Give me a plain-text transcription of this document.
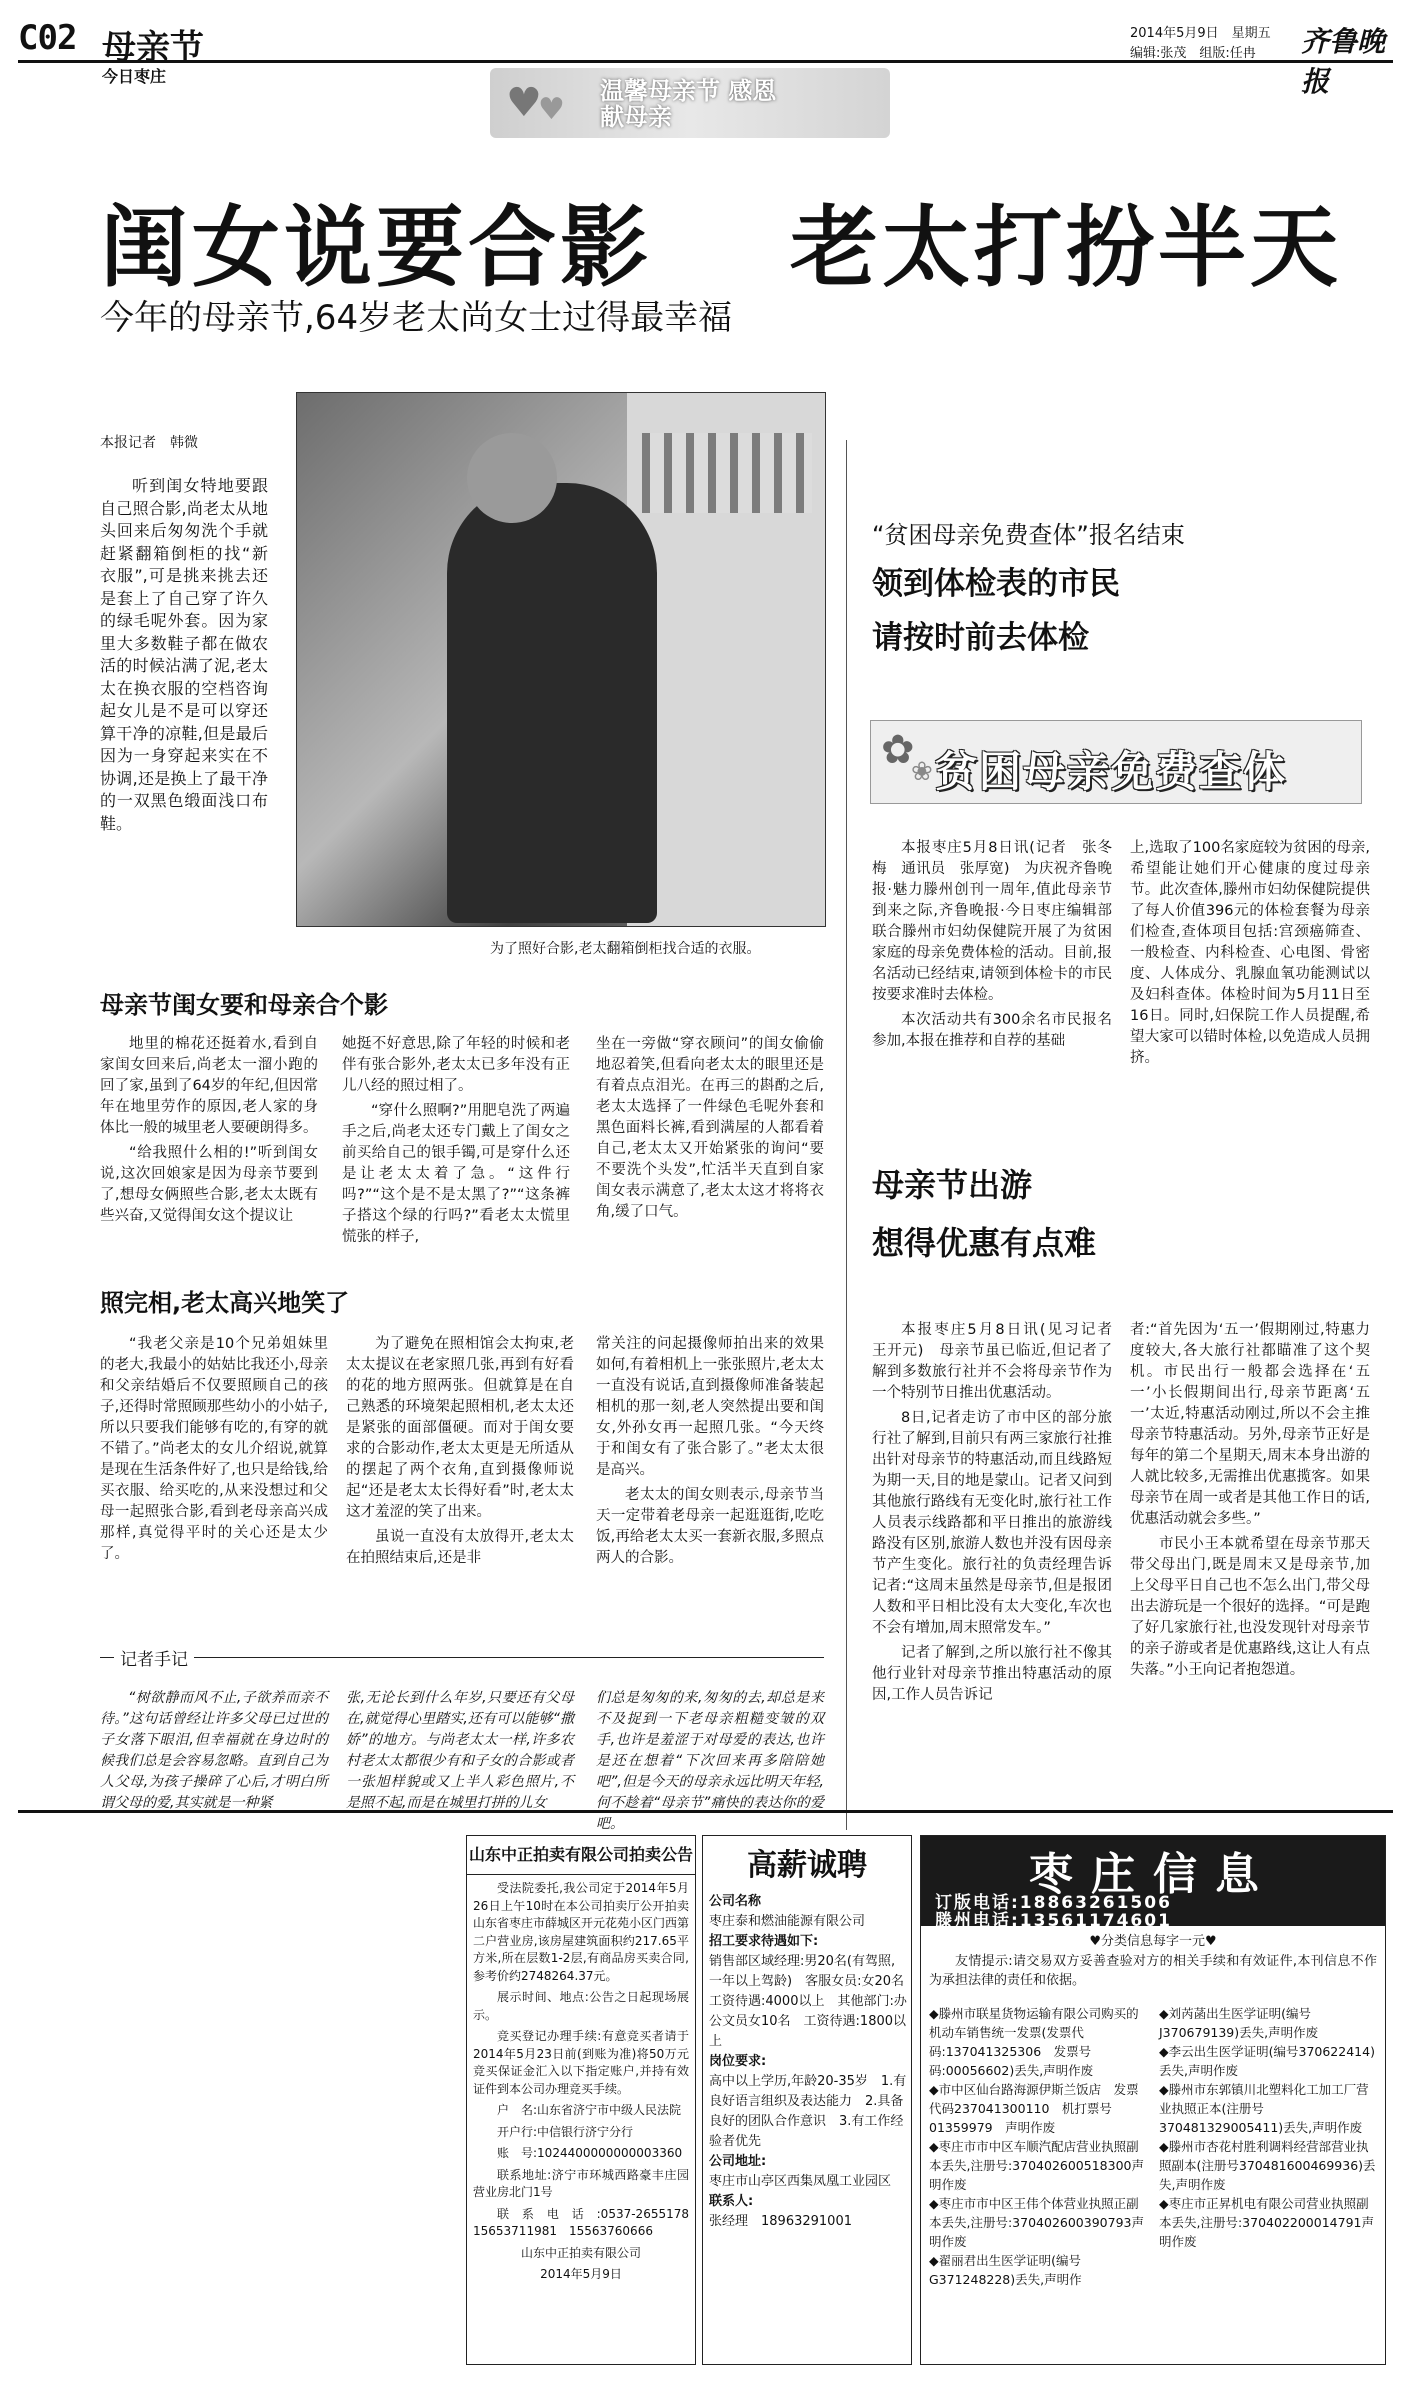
C02 母亲节
今日枣庄
2014年5月9日　星期五
编辑:张茂　组版:任冉 齐鲁晚报
♥
♥
温馨母亲节 感恩献母亲
闺女说要合影 老太打扮半天
今年的母亲节,64岁老太尚女士过得最幸福
本报记者　韩微

听到闺女特地要跟自己照合影,尚老太从地头回来后匆匆洗个手就赶紧翻箱倒柜的找“新衣服”,可是挑来挑去还是套上了自己穿了许久的绿毛呢外套。因为家里大多数鞋子都在做农活的时候沾满了泥,老太太在换衣服的空档咨询起女儿是不是可以穿还算干净的凉鞋,但是最后因为一身穿起来实在不协调,还是换上了最干净的一双黑色缎面浅口布鞋。

为了照好合影,老太翻箱倒柜找合适的衣服。
母亲节闺女要和母亲合个影

地里的棉花还挺着水,看到自家闺女回来后,尚老太一溜小跑的回了家,虽到了64岁的年纪,但因常年在地里劳作的原因,老人家的身体比一般的城里老人要硬朗得多。

“给我照什么相的!”听到闺女说,这次回娘家是因为母亲节要到了,想母女俩照些合影,老太太既有些兴奋,又觉得闺女这个提议让

她挺不好意思,除了年轻的时候和老伴有张合影外,老太太已多年没有正儿八经的照过相了。

“穿什么照啊?”用肥皂洗了两遍手之后,尚老太还专门戴上了闺女之前买给自己的银手镯,可是穿什么还是让老太太着了急。“这件行吗?”“这个是不是太黑了?”“这条裤子搭这个绿的行吗?”看老太太慌里慌张的样子,

坐在一旁做“穿衣顾问”的闺女偷偷地忍着笑,但看向老太太的眼里还是有着点点泪光。在再三的斟酌之后,老太太选择了一件绿色毛呢外套和黑色面料长裤,看到满屋的人都看着自己,老太太又开始紧张的询问“要不要洗个头发”,忙活半天直到自家闺女表示满意了,老太太这才将将衣角,缓了口气。

照完相,老太高兴地笑了

“我老父亲是10个兄弟姐妹里的老大,我最小的姑姑比我还小,母亲和父亲结婚后不仅要照顾自己的孩子,还得时常照顾那些幼小的小姑子,所以只要我们能够有吃的,有穿的就不错了。”尚老太的女儿介绍说,就算是现在生活条件好了,也只是给钱,给买衣服、给买吃的,从来没想过和父母一起照张合影,看到老母亲高兴成那样,真觉得平时的关心还是太少了。

为了避免在照相馆会太拘束,老太太提议在老家照几张,再到有好看的花的地方照两张。但就算是在自己熟悉的环境架起照相机,老太太还是紧张的面部僵硬。而对于闺女要求的合影动作,老太太更是无所适从的摆起了两个衣角,直到摄像师说起“还是老太太长得好看”时,老太太这才羞涩的笑了出来。

虽说一直没有太放得开,老太太在拍照结束后,还是非

常关注的问起摄像师拍出来的效果如何,有着相机上一张张照片,老太太一直没有说话,直到摄像师准备装起相机的那一刻,老人突然提出要和闺女,外孙女再一起照几张。“今天终于和闺女有了张合影了。”老太太很是高兴。

老太太的闺女则表示,母亲节当天一定带着老母亲一起逛逛街,吃吃饭,再给老太太买一套新衣服,多照点两人的合影。

记者手记

“树欲静而风不止,子欲养而亲不待。”这句话曾经让许多父母已过世的子女落下眼泪,但幸福就在身边时的候我们总是会容易忽略。直到自己为人父母,为孩子操碎了心后,才明白所谓父母的爱,其实就是一种紧

张,无论长到什么年岁,只要还有父母在,就觉得心里踏实,还有可以能够“撒娇”的地方。与尚老太太一样,许多农村老太太都很少有和子女的合影或者一张旭样貌或又上半人彩色照片,不是照不起,而是在城里打拼的儿女

们总是匆匆的来,匆匆的去,却总是来不及捉到一下老母亲粗糙变皱的双手,也许是羞涩于对母爱的表达,也许是还在想着“下次回来再多陪陪她吧”,但是今天的母亲永远比明天年轻,何不趁着“母亲节”痛快的表达你的爱吧。

“贫困母亲免费查体”报名结束
领到体检表的市民
请按时前去体检
✿
❀ 贫困母亲免费查体

本报枣庄5月8日讯(记者　张冬梅　通讯员　张厚宽)　为庆祝齐鲁晚报·魅力滕州创刊一周年,值此母亲节到来之际,齐鲁晚报·今日枣庄编辑部联合滕州市妇幼保健院开展了为贫困家庭的母亲免费体检的活动。目前,报名活动已经结束,请领到体检卡的市民按要求准时去体检。

本次活动共有300余名市民报名参加,本报在推荐和自荐的基础

上,选取了100名家庭较为贫困的母亲,希望能让她们开心健康的度过母亲节。此次查体,滕州市妇幼保健院提供了每人价值396元的体检套餐为母亲们检查,查体项目包括:宫颈癌筛查、一般检查、内科检查、心电图、骨密度、人体成分、乳腺血氧功能测试以及妇科查体。体检时间为5月11日至16日。同时,妇保院工作人员提醒,希望大家可以错时体检,以免造成人员拥挤。

母亲节出游
想得优惠有点难

本报枣庄5月8日讯(见习记者　王开元)　母亲节虽已临近,但记者了解到多数旅行社并不会将母亲节作为一个特别节日推出优惠活动。

8日,记者走访了市中区的部分旅行社了解到,目前只有两三家旅行社推出针对母亲节的特惠活动,而且线路短为期一天,目的地是蒙山。记者又问到其他旅行路线有无变化时,旅行社工作人员表示线路都和平日推出的旅游线路没有区别,旅游人数也并没有因母亲节产生变化。旅行社的负责经理告诉记者:“这周末虽然是母亲节,但是报团人数和平日相比没有太大变化,车次也不会有增加,周末照常发车。”

记者了解到,之所以旅行社不像其他行业针对母亲节推出特惠活动的原因,工作人员告诉记

者:“首先因为‘五一’假期刚过,特惠力度较大,各大旅行社都瞄准了这个契机。市民出行一般都会选择在‘五一’小长假期间出行,母亲节距离‘五一’太近,特惠活动刚过,所以不会主推母亲节特惠活动。另外,母亲节正好是每年的第二个星期天,周末本身出游的人就比较多,无需推出优惠揽客。如果母亲节在周一或者是其他工作日的话,优惠活动就会多些。”

市民小王本就希望在母亲节那天带父母出门,既是周末又是母亲节,加上父母平日自己也不怎么出门,带父母出去游玩是一个很好的选择。“可是跑了好几家旅行社,也没发现针对母亲节的亲子游或者是优惠路线,这让人有点失落。”小王向记者抱怨道。

山东中正拍卖有限公司拍卖公告

受法院委托,我公司定于2014年5月26日上午10时在本公司拍卖厅公开拍卖山东省枣庄市薛城区开元花苑小区门西第二户营业房,该房屋建筑面积约217.65平方米,所在层数1-2层,有商品房买卖合同,参考价约2748264.37元。

展示时间、地点:公告之日起现场展示。

竞买登记办理手续:有意竞买者请于2014年5月23日前(到账为准)将50万元竞买保证金汇入以下指定账户,并持有效证件到本公司办理竞买手续。

户　名:山东省济宁市中级人民法院

开户行:中信银行济宁分行

账　号:1024400000000003360

联系地址:济宁市环城西路豪丰庄园营业房北门1号

联系电话:0537-2655178　15653711981　15563760666

山东中正拍卖有限公司

2014年5月9日

高薪诚聘
公司名称
枣庄泰和燃油能源有限公司
招工要求待遇如下:
销售部区域经理:男20名(有驾照,一年以上驾龄)　客服女员:女20名　工资待遇:4000以上　其他部门:办公文员女10名　工资待遇:1800以上
岗位要求:
高中以上学历,年龄20-35岁　1.有良好语言组织及表达能力　2.具备良好的团队合作意识　3.有工作经验者优先
公司地址:
枣庄市山亭区西集凤凰工业园区
联系人:
张经理　18963291001
枣庄信息
订版电话:18863261506
滕州电话:13561174601
♥分类信息每字一元♥

友情提示:请交易双方妥善查验对方的相关手续和有效证件,本刊信息不作为承担法律的责任和依据。

◆滕州市联星货物运输有限公司购买的机动车销售统一发票(发票代码:137041325306　发票号码:00056602)丢失,声明作废
◆市中区仙台路海源伊斯兰饭店　发票代码237041300110　机打票号01359979　声明作废
◆枣庄市市中区车顺汽配店营业执照副本丢失,注册号:370402600518300声明作废
◆枣庄市市中区王伟个体营业执照正副本丢失,注册号:370402600390793声明作废
◆翟丽君出生医学证明(编号G371248228)丢失,声明作
◆刘芮菡出生医学证明(编号J370679139)丢失,声明作废
◆李云出生医学证明(编号370622414)丢失,声明作废
◆滕州市东郭镇川北塑料化工加工厂营业执照正本(注册号370481329005411)丢失,声明作废
◆滕州市杏花村胜利调料经营部营业执照副本(注册号370481600469936)丢失,声明作废
◆枣庄市正昇机电有限公司营业执照副本丢失,注册号:370402200014791声明作废
